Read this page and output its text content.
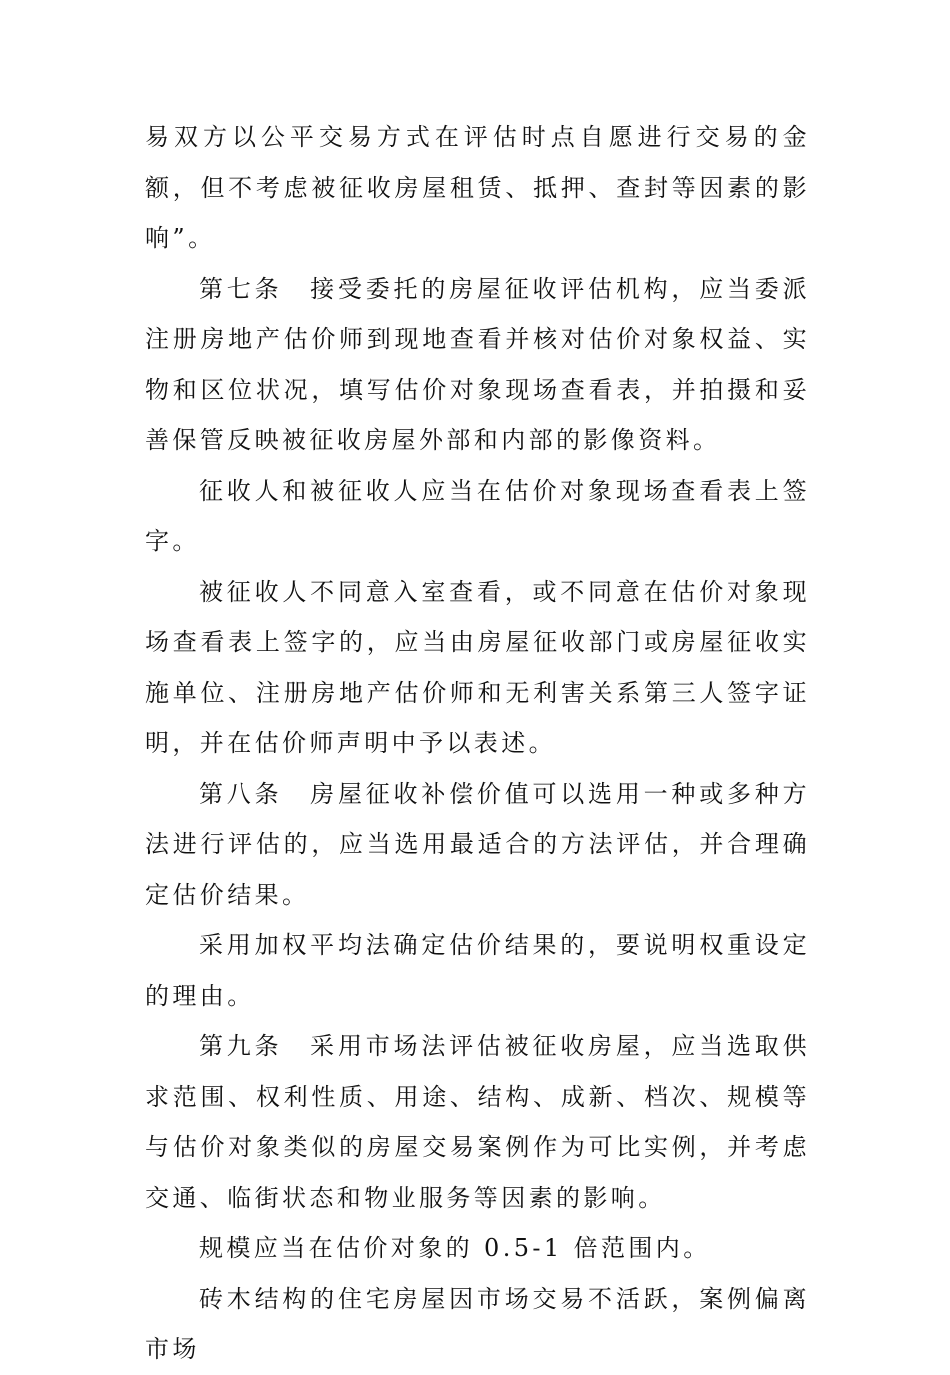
易双方以公平交易方式在评估时点自愿进行交易的金额，但不考虑被征收房屋租赁、抵押、查封等因素的影响”。

第七条　接受委托的房屋征收评估机构，应当委派注册房地产估价师到现地查看并核对估价对象权益、实物和区位状况，填写估价对象现场查看表，并拍摄和妥善保管反映被征收房屋外部和内部的影像资料。

征收人和被征收人应当在估价对象现场查看表上签字。

被征收人不同意入室查看，或不同意在估价对象现场查看表上签字的，应当由房屋征收部门或房屋征收实施单位、注册房地产估价师和无利害关系第三人签字证明，并在估价师声明中予以表述。

第八条　房屋征收补偿价值可以选用一种或多种方法进行评估的，应当选用最适合的方法评估，并合理确定估价结果。

采用加权平均法确定估价结果的，要说明权重设定的理由。

第九条　采用市场法评估被征收房屋，应当选取供求范围、权利性质、用途、结构、成新、档次、规模等与估价对象类似的房屋交易案例作为可比实例，并考虑交通、临街状态和物业服务等因素的影响。

规模应当在估价对象的 0.5-1 倍范围内。

砖木结构的住宅房屋因市场交易不活跃，案例偏离市场
